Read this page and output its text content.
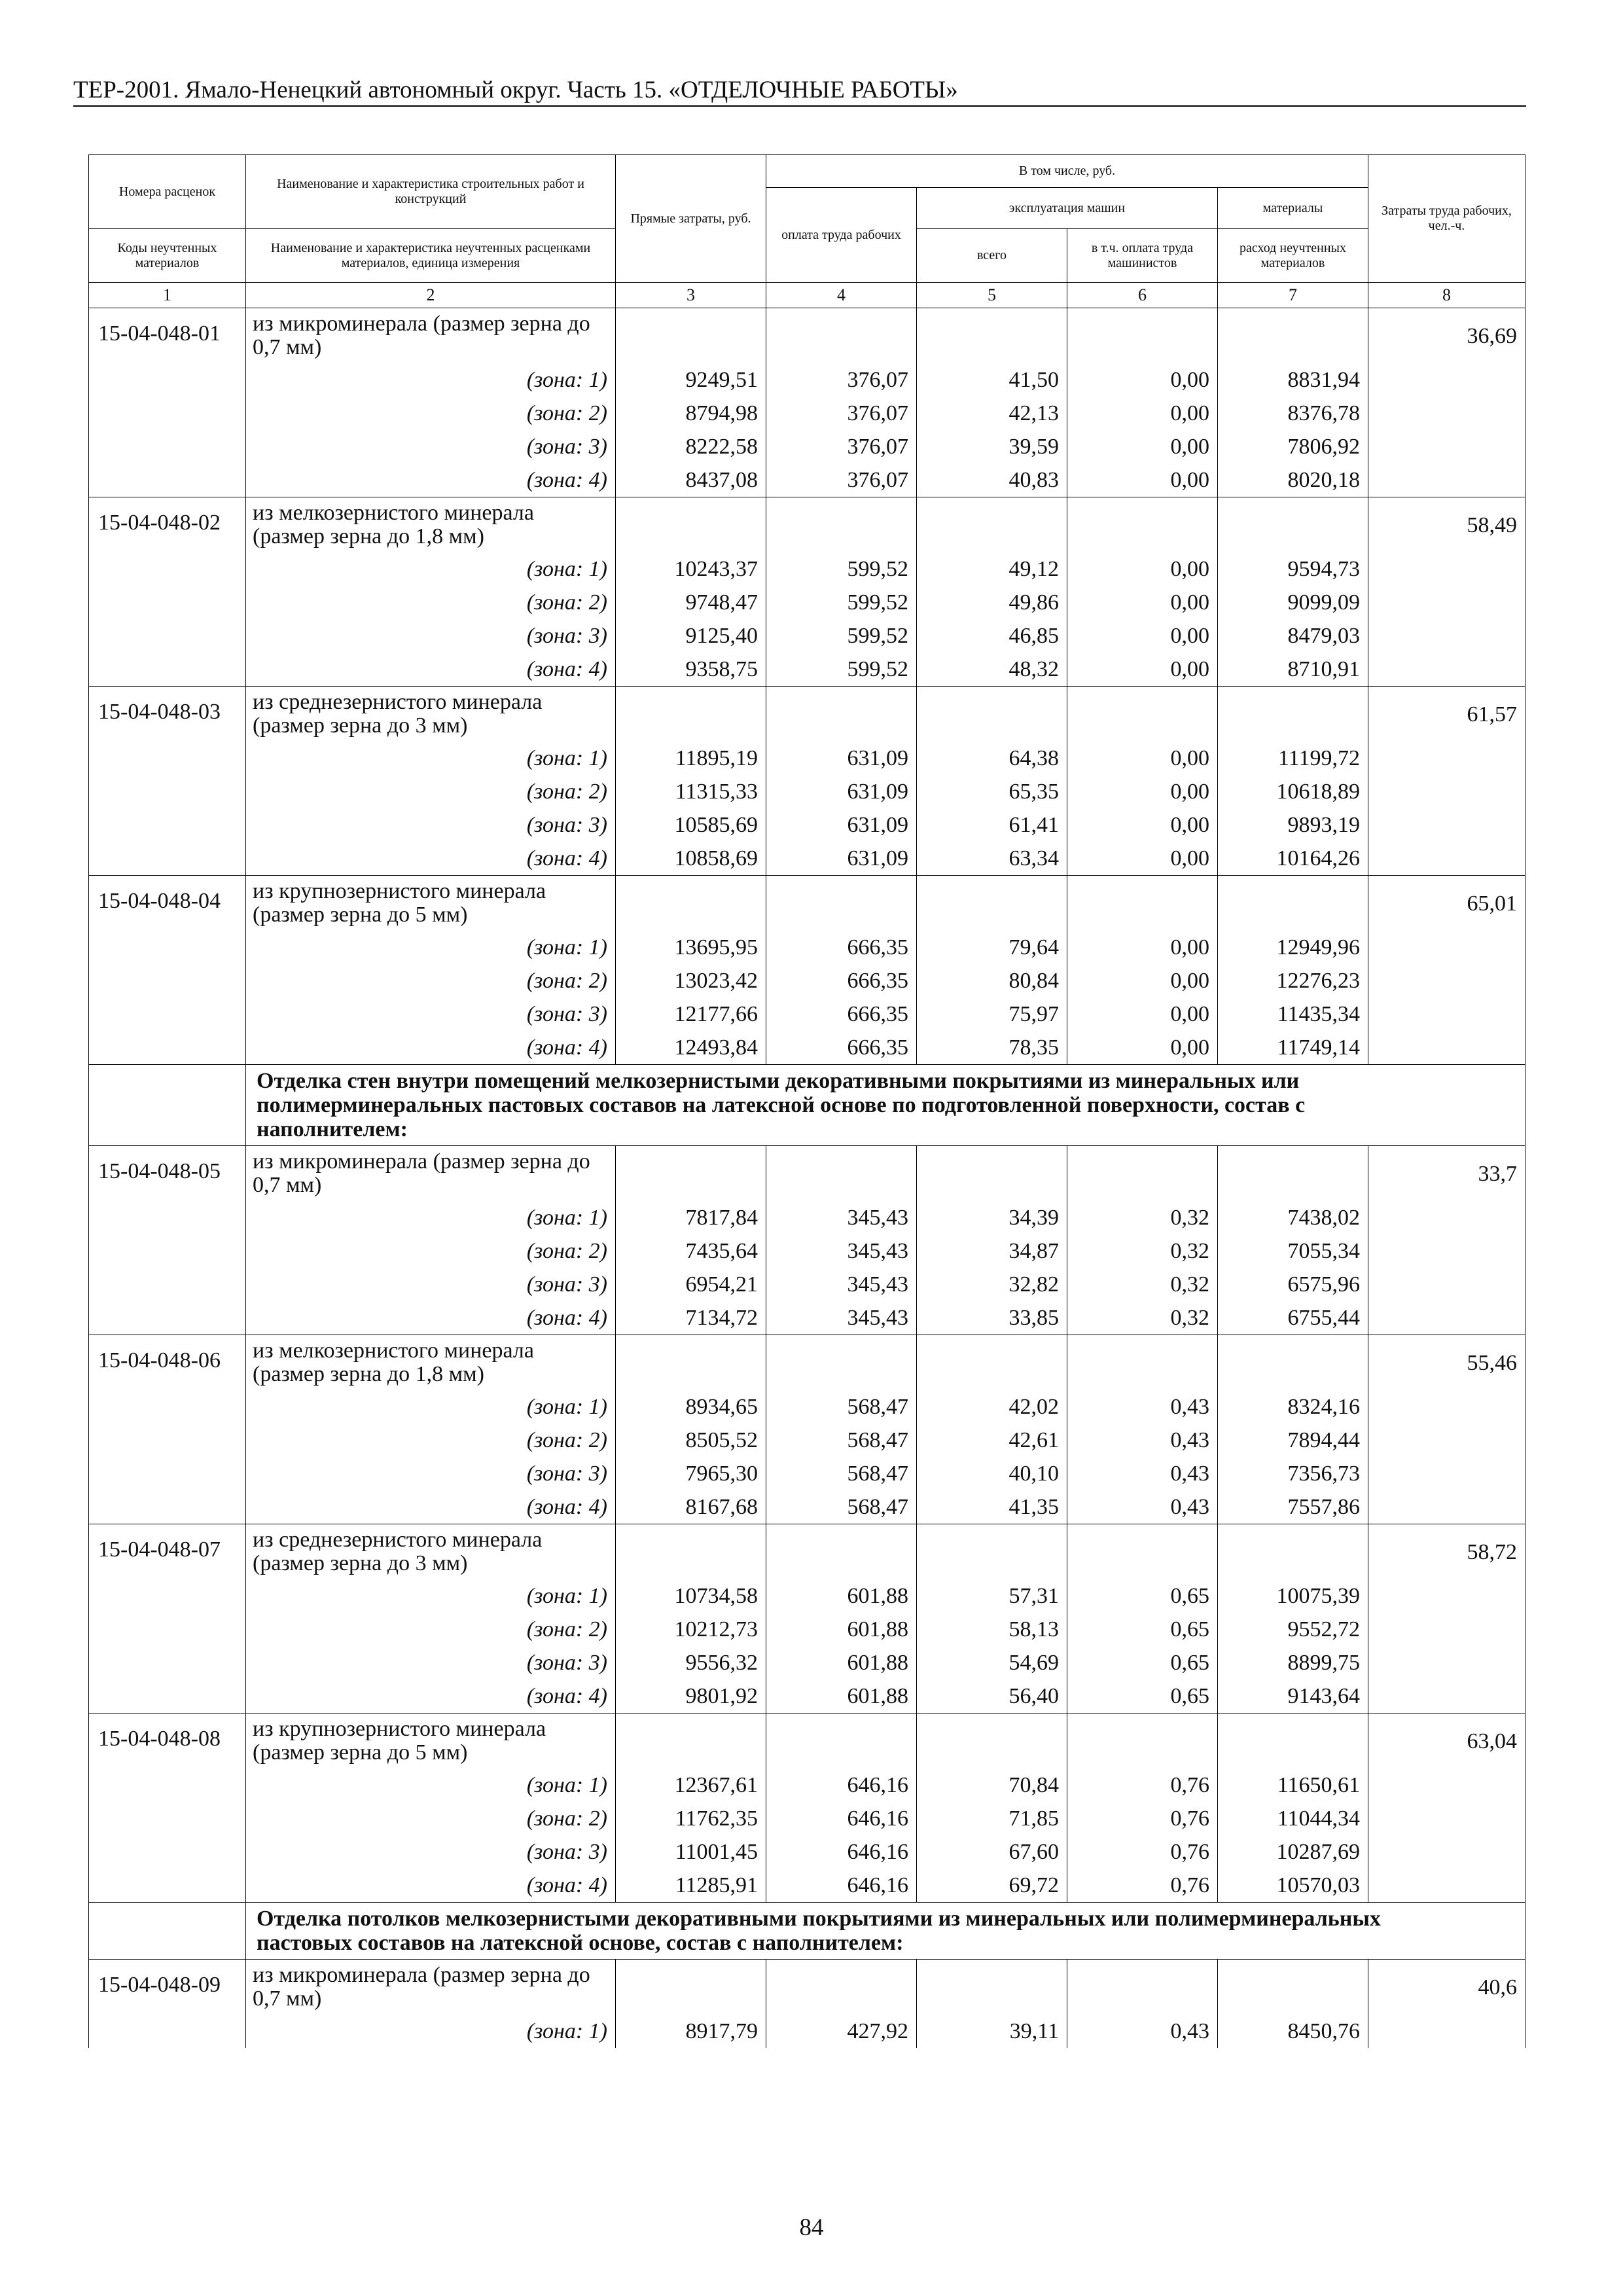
ТЕР-2001. Ямало-Ненецкий автономный округ. Часть 15. «ОТДЕЛОЧНЫЕ РАБОТЫ»
Номера расценок	Наименование и характеристика строительных работ и конструкций	Прямые затраты, руб.	В том числе, руб.				Затраты труда рабочих, чел.-ч.
			оплата труда рабочих	эксплуатация машин		материалы	
Коды неучтенных материалов	Наименование и характеристика неучтенных расценками материалов, единица измерения			всего	в т.ч. оплата труда машинистов	расход неучтенных материалов	

1	2	3	4	5	6	7	8
15-04-048-01	из микроминерала (размер зерна до 0,7 мм)						36,69
	(зона: 1)	9249,51	376,07	41,50	0,00	8831,94	
	(зона: 2)	8794,98	376,07	42,13	0,00	8376,78	
	(зона: 3)	8222,58	376,07	39,59	0,00	7806,92	
	(зона: 4)	8437,08	376,07	40,83	0,00	8020,18	
15-04-048-02	из мелкозернистого минерала (размер зерна до 1,8 мм)						58,49
	(зона: 1)	10243,37	599,52	49,12	0,00	9594,73	
	(зона: 2)	9748,47	599,52	49,86	0,00	9099,09	
	(зона: 3)	9125,40	599,52	46,85	0,00	8479,03	
	(зона: 4)	9358,75	599,52	48,32	0,00	8710,91	
15-04-048-03	из среднезернистого минерала (размер зерна до 3 мм)						61,57
	(зона: 1)	11895,19	631,09	64,38	0,00	11199,72	
	(зона: 2)	11315,33	631,09	65,35	0,00	10618,89	
	(зона: 3)	10585,69	631,09	61,41	0,00	9893,19	
	(зона: 4)	10858,69	631,09	63,34	0,00	10164,26	
15-04-048-04	из крупнозернистого минерала (размер зерна до 5 мм)						65,01
	(зона: 1)	13695,95	666,35	79,64	0,00	12949,96	
	(зона: 2)	13023,42	666,35	80,84	0,00	12276,23	
	(зона: 3)	12177,66	666,35	75,97	0,00	11435,34	
	(зона: 4)	12493,84	666,35	78,35	0,00	11749,14	
	Отделка стен внутри помещений мелкозернистыми декоративными покрытиями из минеральных или полимерминеральных пастовых составов на латексной основе по подготовленной поверхности, состав с наполнителем:						
15-04-048-05	из микроминерала (размер зерна до 0,7 мм)						33,7
	(зона: 1)	7817,84	345,43	34,39	0,32	7438,02	
	(зона: 2)	7435,64	345,43	34,87	0,32	7055,34	
	(зона: 3)	6954,21	345,43	32,82	0,32	6575,96	
	(зона: 4)	7134,72	345,43	33,85	0,32	6755,44	
15-04-048-06	из мелкозернистого минерала (размер зерна до 1,8 мм)						55,46
	(зона: 1)	8934,65	568,47	42,02	0,43	8324,16	
	(зона: 2)	8505,52	568,47	42,61	0,43	7894,44	
	(зона: 3)	7965,30	568,47	40,10	0,43	7356,73	
	(зона: 4)	8167,68	568,47	41,35	0,43	7557,86	
15-04-048-07	из среднезернистого минерала (размер зерна до 3 мм)						58,72
	(зона: 1)	10734,58	601,88	57,31	0,65	10075,39	
	(зона: 2)	10212,73	601,88	58,13	0,65	9552,72	
	(зона: 3)	9556,32	601,88	54,69	0,65	8899,75	
	(зона: 4)	9801,92	601,88	56,40	0,65	9143,64	
15-04-048-08	из крупнозернистого минерала (размер зерна до 5 мм)						63,04
	(зона: 1)	12367,61	646,16	70,84	0,76	11650,61	
	(зона: 2)	11762,35	646,16	71,85	0,76	11044,34	
	(зона: 3)	11001,45	646,16	67,60	0,76	10287,69	
	(зона: 4)	11285,91	646,16	69,72	0,76	10570,03	
	Отделка потолков мелкозернистыми декоративными покрытиями из минеральных или полимерминеральных пастовых составов на латексной основе, состав с наполнителем:						
15-04-048-09	из микроминерала (размер зерна до 0,7 мм)						40,6
	(зона: 1)	8917,79	427,92	39,11	0,43	8450,76	
84
